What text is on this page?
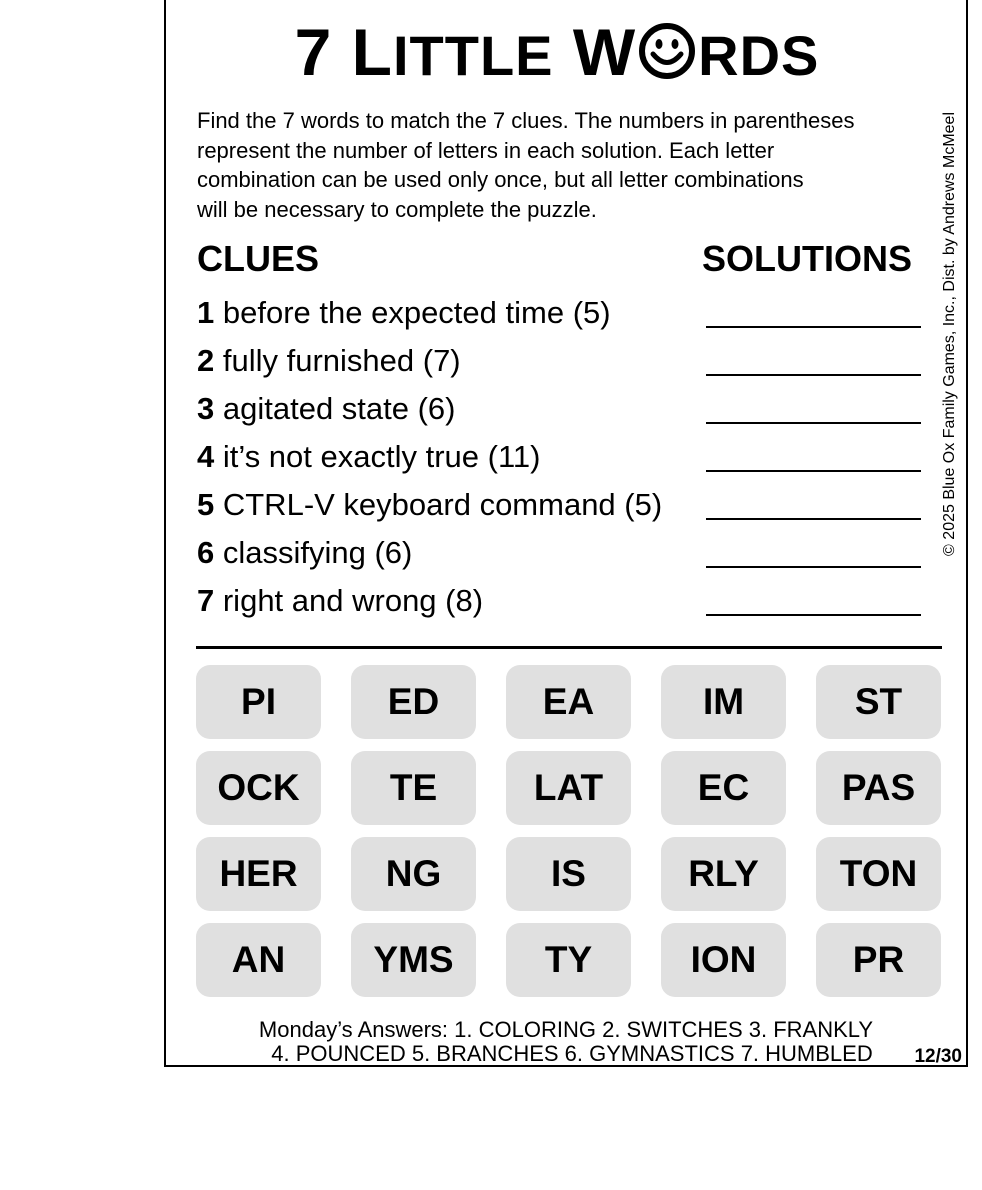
7 LITTLE W RDS
Find the 7 words to match the 7 clues. The numbers in parentheses
represent the number of letters in each solution. Each letter
combination can be used only once, but all letter combinations
will be necessary to complete the puzzle.
CLUES	SOLUTIONS
1 before the expected time (5)
2 fully furnished (7)
3 agitated state (6)
4 it’s not exactly true (11)
5 CTRL-V keyboard command (5)
6 classifying (6)
7 right and wrong (8)
PI	ED	EA	IM	ST
OCK	TE	LAT	EC	PAS
HER	NG	IS	RLY	TON
AN	YMS	TY	ION	PR
Monday’s Answers: 1. COLORING 2. SWITCHES 3. FRANKLY
4. POUNCED 5. BRANCHES 6. GYMNASTICS 7. HUMBLED	12/30
© 2025 Blue Ox Family Games, Inc., Dist. by Andrews McMeel
